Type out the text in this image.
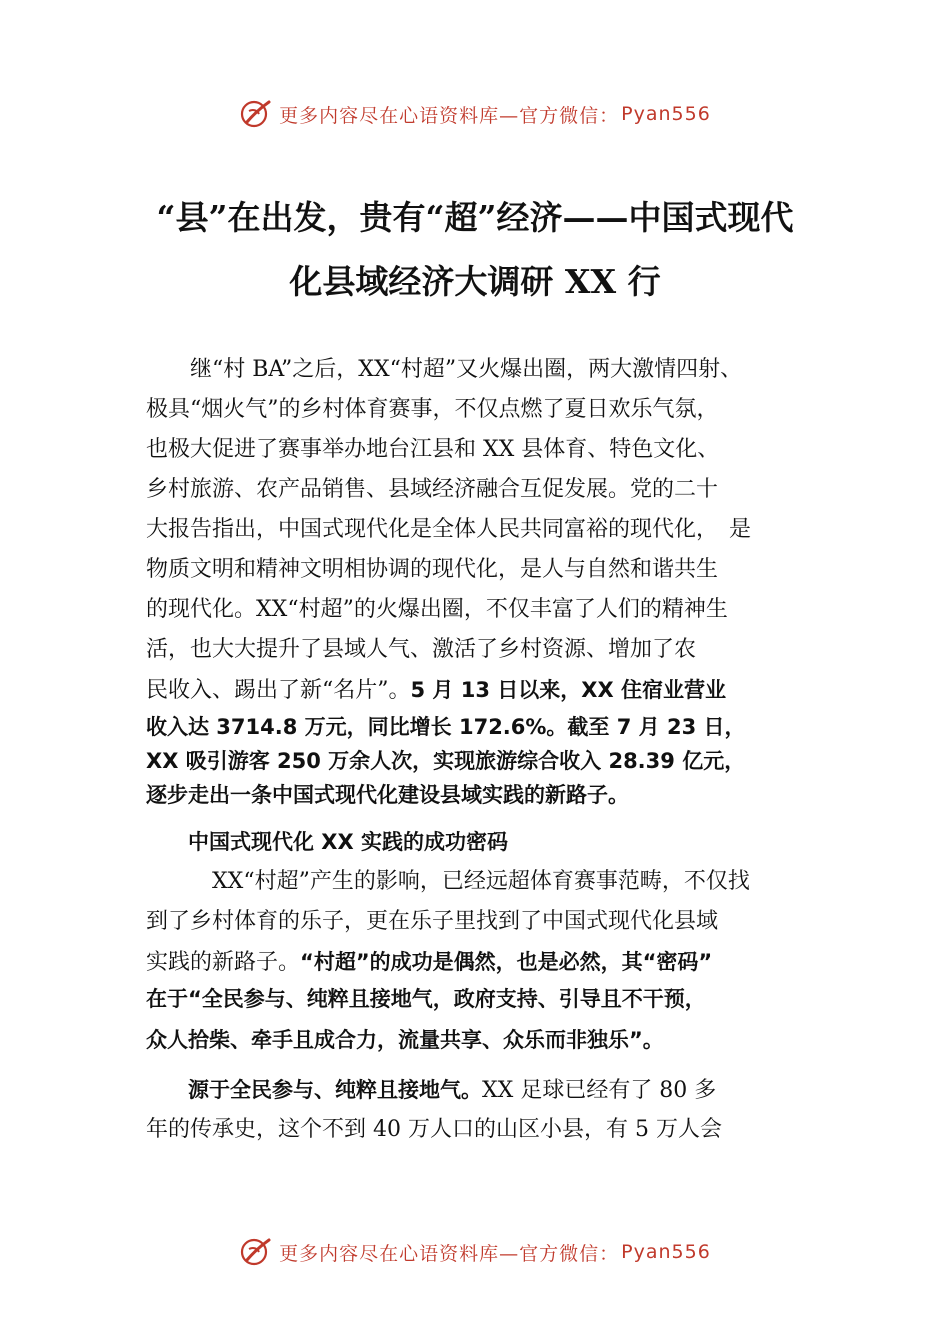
更多内容尽在心语资料库—官方微信： Pyan556
“县”在出发，贵有“超”经济——中国式现代
化县域经济大调研 XX 行
　　继“村 BA”之后，XX“村超”又火爆出圈，两大激情四射、
极具“烟火气”的乡村体育赛事，不仅点燃了夏日欢乐气氛，
也极大促进了赛事举办地台江县和 XX 县体育、特色文化、
乡村旅游、农产品销售、县域经济融合互促发展。党的二十
大报告指出，中国式现代化是全体人民共同富裕的现代化，　是
物质文明和精神文明相协调的现代化，是人与自然和谐共生
的现代化。XX“村超”的火爆出圈，不仅丰富了人们的精神生
活，也大大提升了县域人气、激活了乡村资源、增加了农
民收入、踢出了新“名片”。5 月 13 日以来，XX 住宿业营业
收入达 3714.8 万元，同比增长 172.6%。截至 7 月 23 日，
XX 吸引游客 250 万余人次，实现旅游综合收入 28.39 亿元，
逐步走出一条中国式现代化建设县域实践的新路子。
　　中国式现代化 XX 实践的成功密码
　　　XX“村超”产生的影响，已经远超体育赛事范畴，不仅找
到了乡村体育的乐子，更在乐子里找到了中国式现代化县域
实践的新路子。“村超”的成功是偶然，也是必然，其“密码”
在于“全民参与、纯粹且接地气，政府支持、引导且不干预，
众人拾柴、牵手且成合力，流量共享、众乐而非独乐”。
　　源于全民参与、纯粹且接地气。XX 足球已经有了 80 多
年的传承史，这个不到 40 万人口的山区小县，有 5 万人会
更多内容尽在心语资料库—官方微信： Pyan556
